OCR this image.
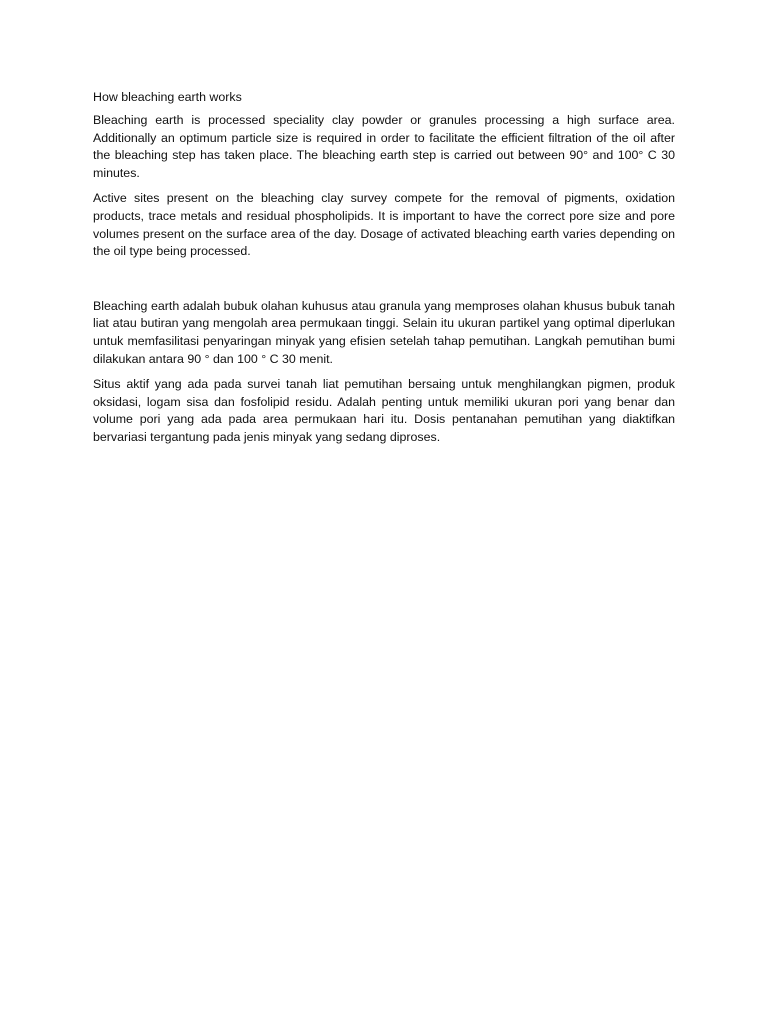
How bleaching earth works

Bleaching earth is processed speciality clay powder or granules processing a high surface area. Additionally an optimum particle size is required in order to facilitate the efficient filtration of the oil after the bleaching step has taken place. The bleaching earth step is carried out between 90° and 100° C 30 minutes.

Active sites present on the bleaching clay survey compete for the removal of pigments, oxidation products, trace metals and residual phospholipids. It is important to have the correct pore size and pore volumes present on the surface area of the day. Dosage of activated bleaching earth varies depending on the oil type being processed.

Bleaching earth adalah bubuk olahan kuhusus atau granula yang memproses olahan khusus bubuk tanah liat atau butiran yang mengolah area permukaan tinggi. Selain itu ukuran partikel yang optimal diperlukan untuk memfasilitasi penyaringan minyak yang efisien setelah tahap pemutihan. Langkah pemutihan bumi dilakukan antara 90 ° dan 100 ° C 30 menit.

Situs aktif yang ada pada survei tanah liat pemutihan bersaing untuk menghilangkan pigmen, produk oksidasi, logam sisa dan fosfolipid residu. Adalah penting untuk memiliki ukuran pori yang benar dan volume pori yang ada pada area permukaan hari itu. Dosis pentanahan pemutihan yang diaktifkan bervariasi tergantung pada jenis minyak yang sedang diproses.
